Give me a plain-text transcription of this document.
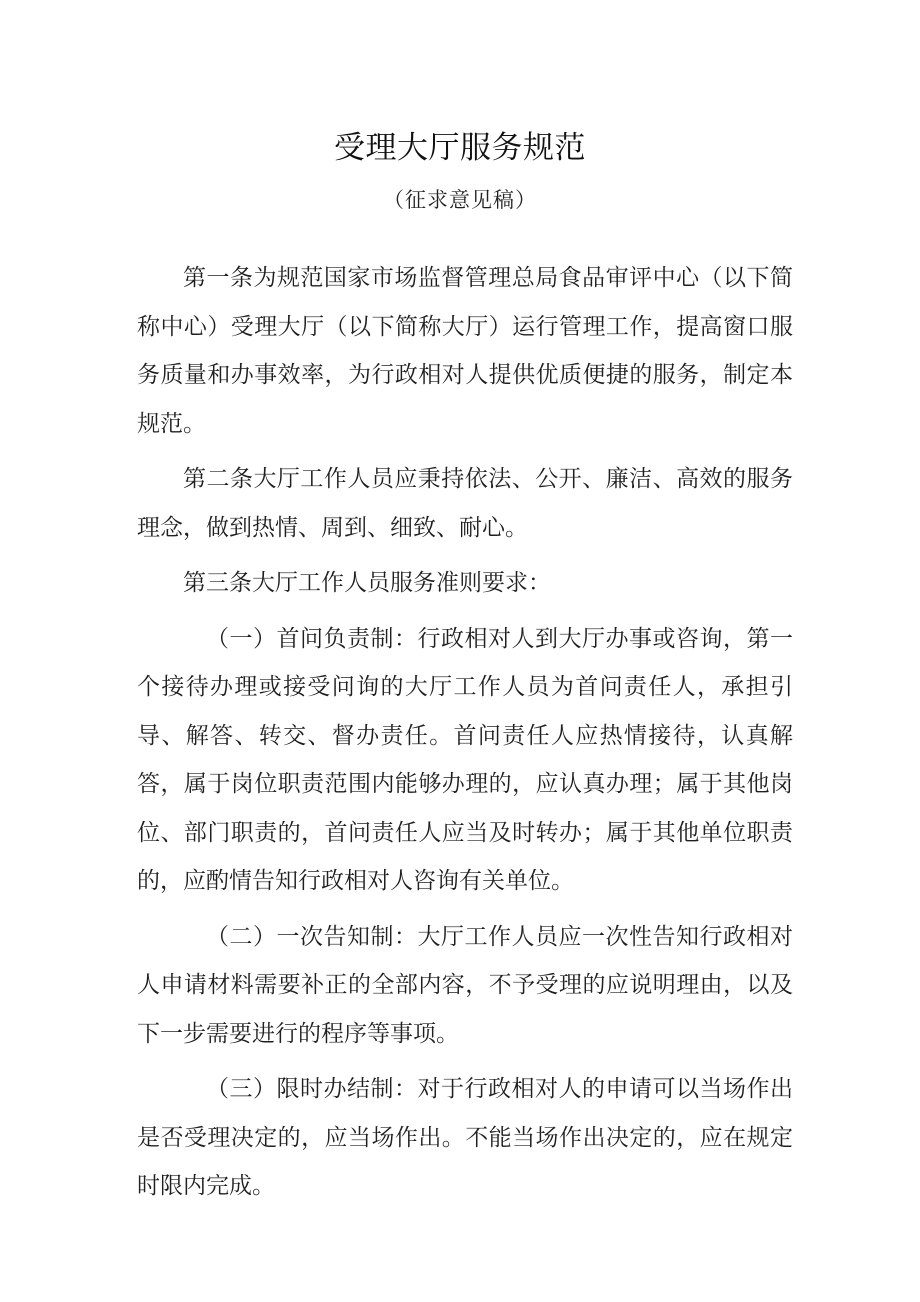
受理大厅服务规范
（征求意见稿）

第一条为规范国家市场监督管理总局食品审评中心（以下简称中心）受理大厅（以下简称大厅）运行管理工作，提高窗口服务质量和办事效率，为行政相对人提供优质便捷的服务，制定本规范。

第二条大厅工作人员应秉持依法、公开、廉洁、高效的服务理念，做到热情、周到、细致、耐心。

第三条大厅工作人员服务准则要求：

（一）首问负责制：行政相对人到大厅办事或咨询，第一个接待办理或接受问询的大厅工作人员为首问责任人，承担引导、解答、转交、督办责任。首问责任人应热情接待，认真解答，属于岗位职责范围内能够办理的，应认真办理；属于其他岗位、部门职责的，首问责任人应当及时转办；属于其他单位职责的，应酌情告知行政相对人咨询有关单位。

（二）一次告知制：大厅工作人员应一次性告知行政相对人申请材料需要补正的全部内容，不予受理的应说明理由，以及下一步需要进行的程序等事项。

（三）限时办结制：对于行政相对人的申请可以当场作出是否受理决定的，应当场作出。不能当场作出决定的，应在规定时限内完成。
